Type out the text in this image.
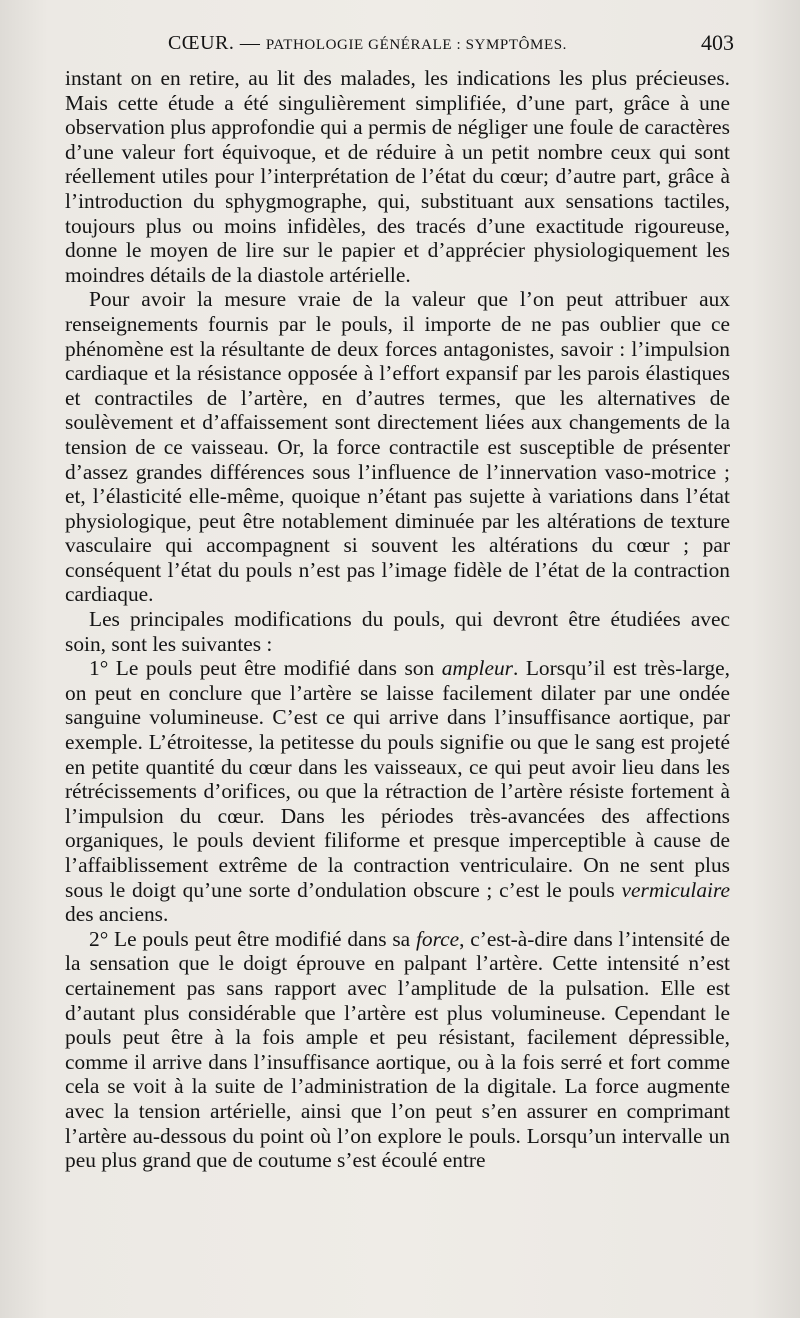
CŒUR. — PATHOLOGIE GÉNÉRALE : SYMPTÔMES.	403

instant on en retire, au lit des malades, les indications les plus précieuses. Mais cette étude a été singulièrement simplifiée, d’une part, grâce à une observation plus approfondie qui a permis de négliger une foule de caractères d’une valeur fort équivoque, et de réduire à un petit nombre ceux qui sont réellement utiles pour l’interprétation de l’état du cœur; d’autre part, grâce à l’introduction du sphygmographe, qui, substituant aux sensations tactiles, toujours plus ou moins infidèles, des tracés d’une exactitude rigoureuse, donne le moyen de lire sur le papier et d’apprécier physiologiquement les moindres détails de la diastole artérielle.

Pour avoir la mesure vraie de la valeur que l’on peut attribuer aux renseignements fournis par le pouls, il importe de ne pas oublier que ce phénomène est la résultante de deux forces antagonistes, savoir : l’impulsion cardiaque et la résistance opposée à l’effort expansif par les parois élastiques et contractiles de l’artère, en d’autres termes, que les alternatives de soulèvement et d’affaissement sont directement liées aux changements de la tension de ce vaisseau. Or, la force contractile est susceptible de présenter d’assez grandes différences sous l’influence de l’innervation vaso-motrice ; et, l’élasticité elle-même, quoique n’étant pas sujette à variations dans l’état physiologique, peut être notablement diminuée par les altérations de texture vasculaire qui accompagnent si souvent les altérations du cœur ; par conséquent l’état du pouls n’est pas l’image fidèle de l’état de la contraction cardiaque.

Les principales modifications du pouls, qui devront être étudiées avec soin, sont les suivantes :

1° Le pouls peut être modifié dans son ampleur. Lorsqu’il est très-large, on peut en conclure que l’artère se laisse facilement dilater par une ondée sanguine volumineuse. C’est ce qui arrive dans l’insuffisance aortique, par exemple. L’étroitesse, la petitesse du pouls signifie ou que le sang est projeté en petite quantité du cœur dans les vaisseaux, ce qui peut avoir lieu dans les rétrécissements d’orifices, ou que la rétraction de l’artère résiste fortement à l’impulsion du cœur. Dans les périodes très-avancées des affections organiques, le pouls devient filiforme et presque imperceptible à cause de l’affaiblissement extrême de la contraction ventriculaire. On ne sent plus sous le doigt qu’une sorte d’ondulation obscure ; c’est le pouls vermiculaire des anciens.

2° Le pouls peut être modifié dans sa force, c’est-à-dire dans l’intensité de la sensation que le doigt éprouve en palpant l’artère. Cette intensité n’est certainement pas sans rapport avec l’amplitude de la pulsation. Elle est d’autant plus considérable que l’artère est plus volumineuse. Cependant le pouls peut être à la fois ample et peu résistant, facilement dépressible, comme il arrive dans l’insuffisance aortique, ou à la fois serré et fort comme cela se voit à la suite de l’administration de la digitale. La force augmente avec la tension artérielle, ainsi que l’on peut s’en assurer en comprimant l’artère au-dessous du point où l’on explore le pouls. Lorsqu’un intervalle un peu plus grand que de coutume s’est écoulé entre
